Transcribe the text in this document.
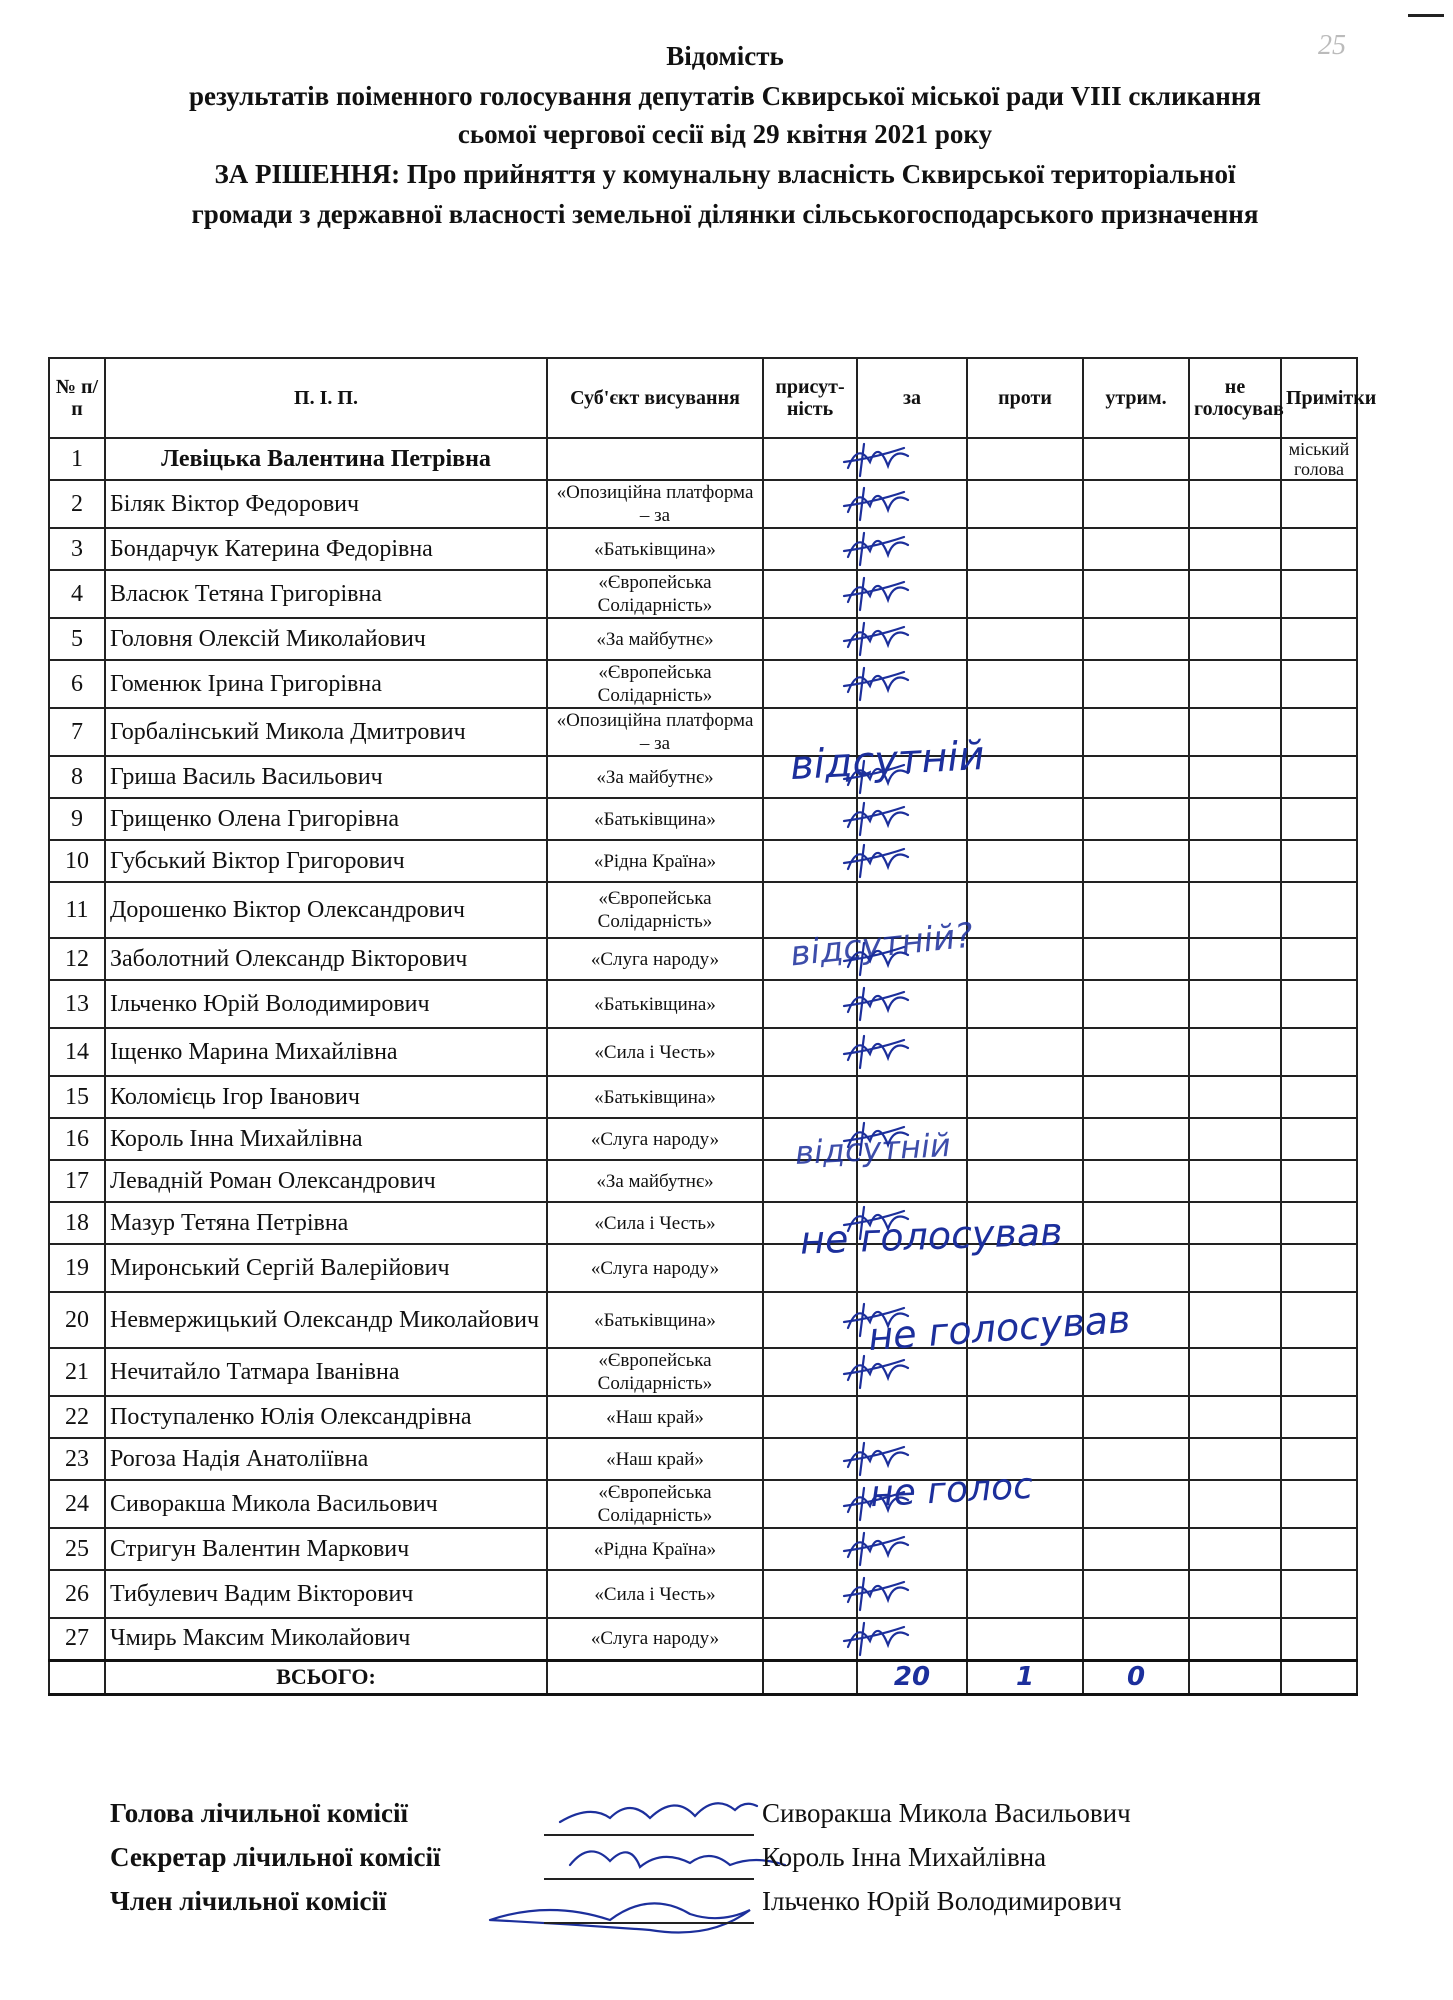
25
Відомість
результатів поіменного голосування депутатів Сквирської міської ради VIII скликання
сьомої чергової сесії від 29 квітня 2021 року
ЗА РІШЕННЯ: Про прийняття у комунальну власність Сквирської територіальної
громади з державної власності земельної ділянки сільськогосподарського призначення
№ п/п	П. І. П.	Суб'єкт висування	присут-ність	за	проти	утрим.	не голосував	Примітки
1	Левіцька Валентина Петрівна							міський голова
2	Біляк Віктор Федорович	«Опозиційна платформа – за						
3	Бондарчук Катерина Федорівна	«Батьківщина»						
4	Власюк Тетяна Григорівна	«Європейська Солідарність»						
5	Головня Олексій Миколайович	«За майбутнє»						
6	Гоменюк Ірина Григорівна	«Європейська Солідарність»						
7	Горбалінський Микола Дмитрович	«Опозиційна платформа – за						
8	Гриша Василь Васильович	«За майбутнє»						
9	Грищенко Олена Григорівна	«Батьківщина»						
10	Губський Віктор Григорович	«Рідна Країна»						
11	Дорошенко Віктор Олександрович	«Європейська Солідарність»						
12	Заболотний Олександр Вікторович	«Слуга народу»						
13	Ільченко Юрій Володимирович	«Батьківщина»						
14	Іщенко Марина Михайлівна	«Сила і Честь»						
15	Коломієць Ігор Іванович	«Батьківщина»						
16	Король Інна Михайлівна	«Слуга народу»						
17	Левадній Роман Олександрович	«За майбутнє»						
18	Мазур Тетяна Петрівна	«Сила і Честь»						
19	Миронський Сергій Валерійович	«Слуга народу»						
20	Невмержицький Олександр Миколайович	«Батьківщина»						
21	Нечитайло Татмара Іванівна	«Європейська Солідарність»						
22	Поступаленко Юлія Олександрівна	«Наш край»						
23	Рогоза Надія Анатоліївна	«Наш край»						
24	Сиворакша Микола Васильович	«Європейська Солідарність»						
25	Стригун Валентин Маркович	«Рідна Країна»						
26	Тибулевич Вадим Вікторович	«Сила і Честь»						
27	Чмирь Максим Миколайович	«Слуга народу»						
	ВСЬОГО:			20	1	0		
відсутній
відсутній?
відсутній
не голосував
не голосував
не голос
Голова лічильної комісії	Сиворакша Микола Васильович
Секретар лічильної комісії	Король Інна Михайлівна
Член лічильної комісії	Ільченко Юрій Володимирович
